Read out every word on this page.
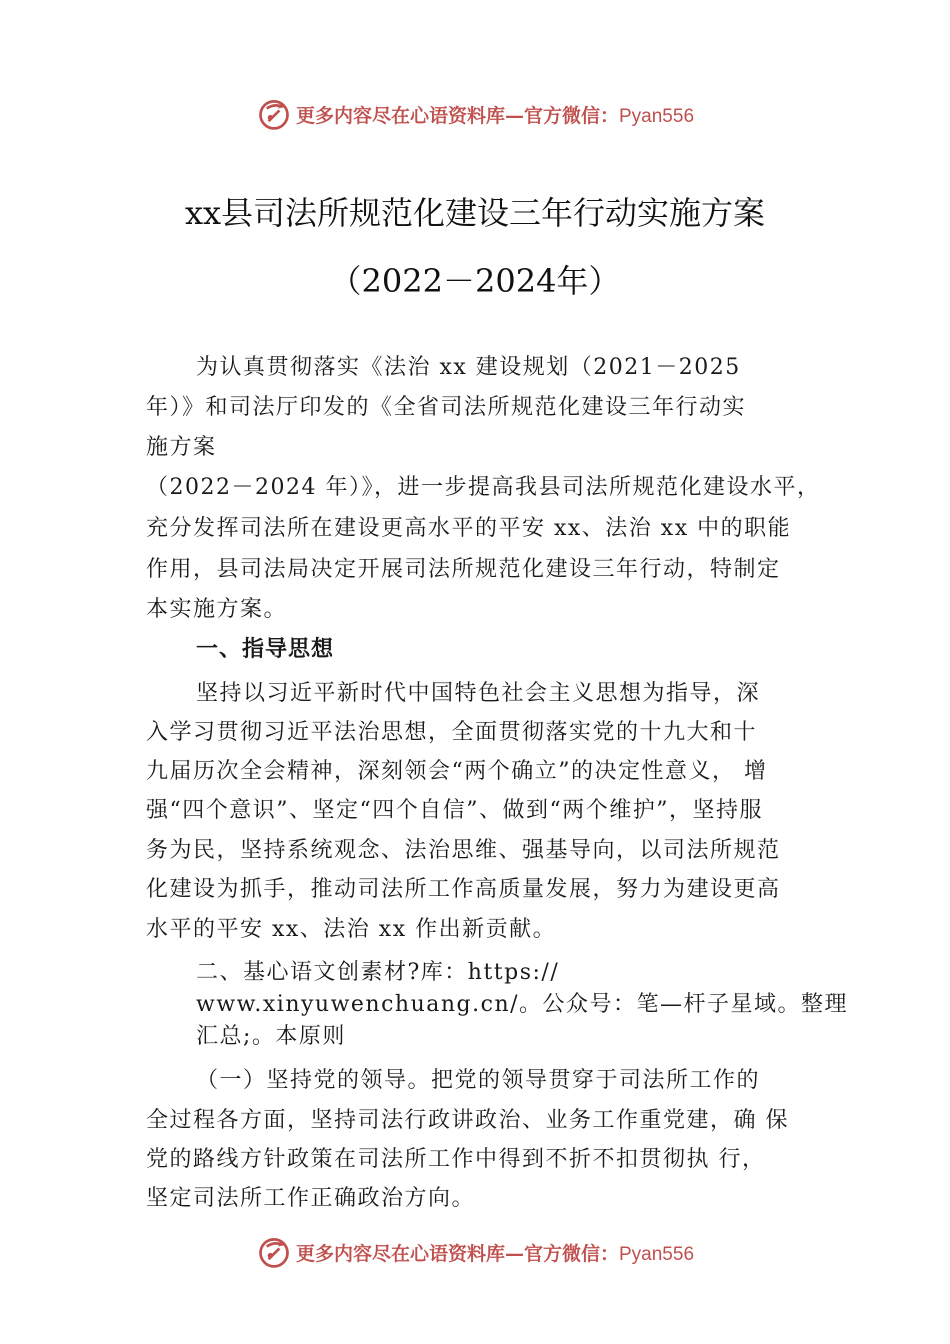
更多内容尽在心语资料库—官方微信：Pyan556
xx县司法所规范化建设三年行动实施方案
（2022－2024年）
为认真贯彻落实《法治 xx 建设规划（2021－2025
年）》和司法厅印发的《全省司法所规范化建设三年行动实
施方案
（2022－2024 年）》，进一步提高我县司法所规范化建设水平，
充分发挥司法所在建设更高水平的平安 xx、法治 xx 中的职能
作用，县司法局决定开展司法所规范化建设三年行动，特制定
本实施方案。
一、指导思想
坚持以习近平新时代中国特色社会主义思想为指导，深
入学习贯彻习近平法治思想，全面贯彻落实党的十九大和十
九届历次全会精神，深刻领会“两个确立”的决定性意义， 增
强“四个意识”、坚定“四个自信”、做到“两个维护”，坚持服
务为民，坚持系统观念、法治思维、强基导向，以司法所规范
化建设为抓手，推动司法所工作高质量发展，努力为建设更高
水平的平安 xx、法治 xx 作出新贡献。
二、基心语文创素材?库：https://
www.xinyuwenchuang.cn/。公众号：笔—杆子星域。整理
汇总;。本原则
（一）坚持党的领导。把党的领导贯穿于司法所工作的
全过程各方面，坚持司法行政讲政治、业务工作重党建，确 保
党的路线方针政策在司法所工作中得到不折不扣贯彻执 行，
坚定司法所工作正确政治方向。
更多内容尽在心语资料库—官方微信：Pyan556
